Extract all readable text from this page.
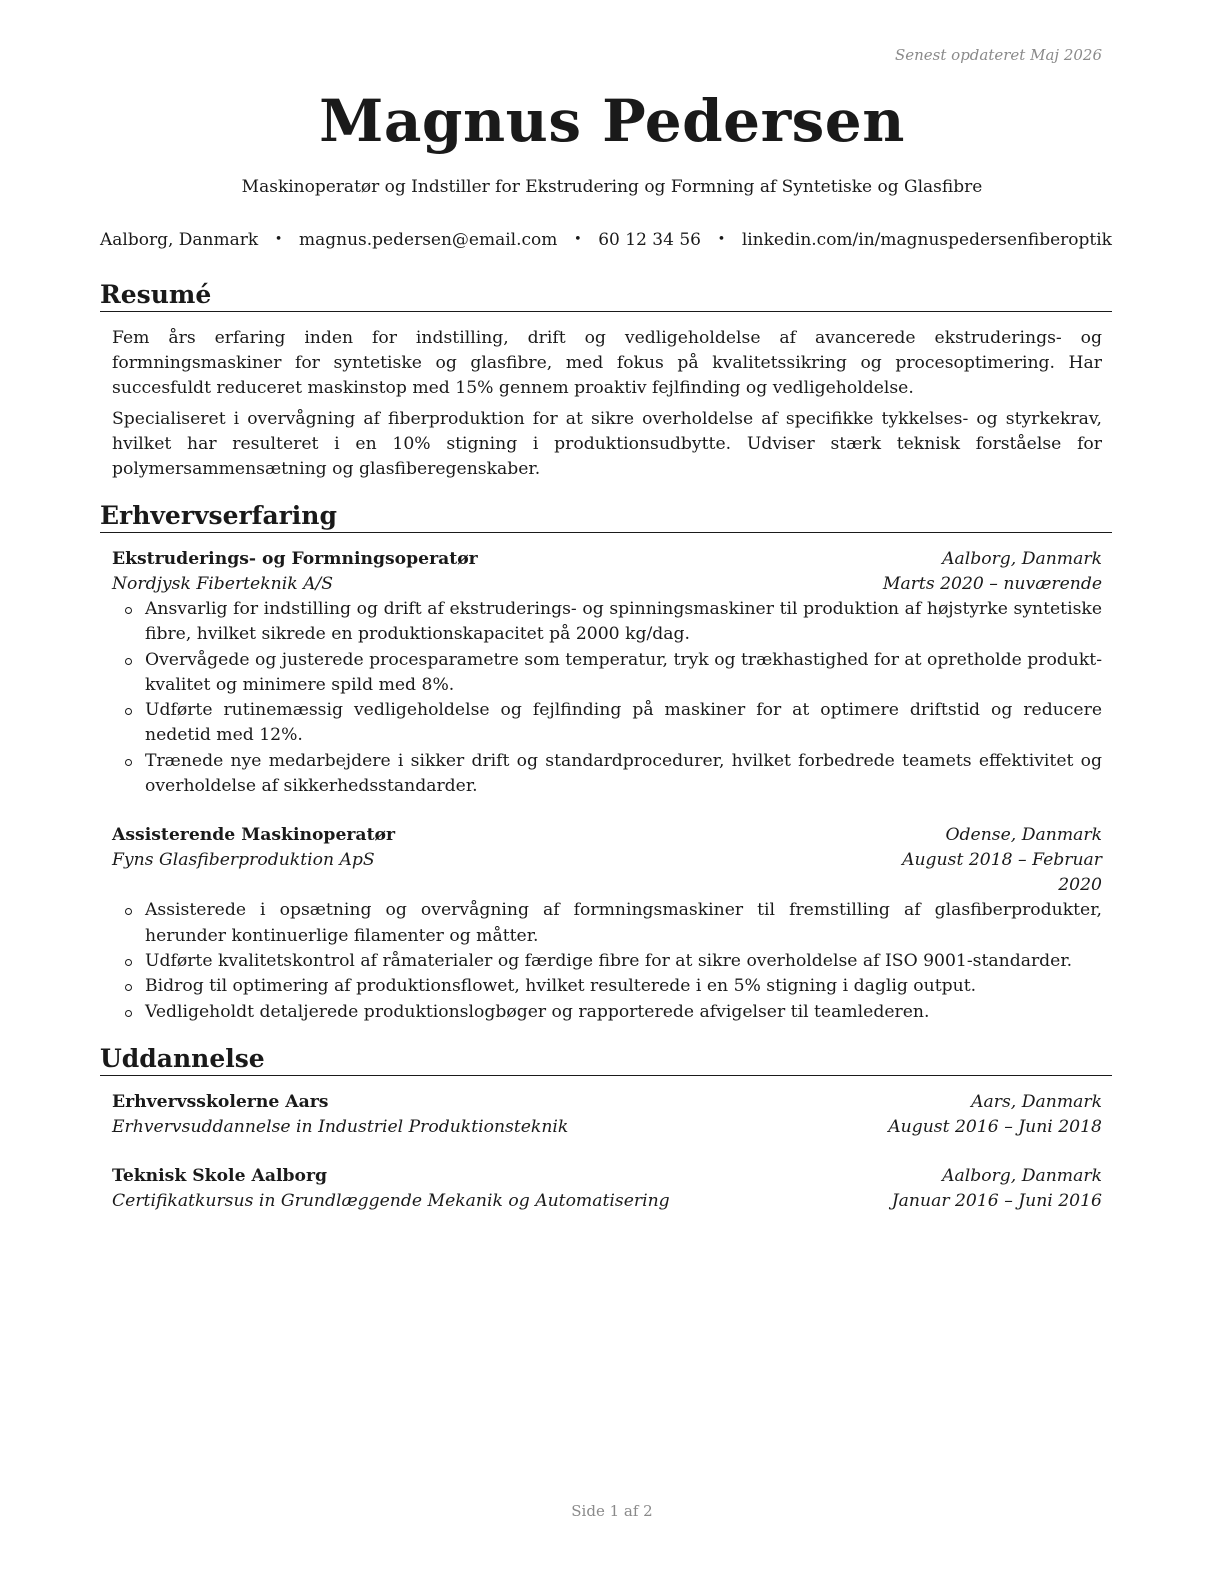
Senest opdateret Maj 2026
Magnus Pedersen
Maskinoperatør og Indstiller for Ekstrudering og Formning af Syntetiske og Glasfibre
Aalborg, Danmark • magnus.pedersen@email.com • 60 12 34 56 • linkedin.com/in/magnuspedersenfiberoptik
Resumé

Fem års erfaring inden for indstilling, drift og vedligeholdelse af avancerede ekstruderings- og formningsmaskiner for syntetiske og glasfibre, med fokus på kvalitetssikring og procesoptimering. Har succesfuldt reduceret maskinstop med 15% gennem proaktiv fejlfinding og vedligeholdelse.

Specialiseret i overvågning af fiberproduktion for at sikre overholdelse af specifikke tykkelses- og styrkekrav, hvilket har resulteret i en 10% stigning i produktionsudbytte. Udviser stærk teknisk forståelse for polymersammensætning og glasfiberegenskaber.

Erhvervserfaring
Ekstruderings- og Formningsoperatør	Aalborg, Danmark
Nordjysk Fiberteknik A/S	Marts 2020 – nuværende
Ansvarlig for indstilling og drift af ekstruderings- og spinningsmaskiner til produktion af højstyrke syntetiske fibre, hvilket sikrede en produktionskapacitet på 2000 kg/dag.
Overvågede og justerede procesparametre som temperatur, tryk og trækhastighed for at opretholde produkt-kvalitet og minimere spild med 8%.
Udførte rutinemæssig vedligeholdelse og fejlfinding på maskiner for at optimere driftstid og reducere nedetid med 12%.
Trænede nye medarbejdere i sikker drift og standardprocedurer, hvilket forbedrede teamets effektivitet og overholdelse af sikkerhedsstandarder.
Assisterende Maskinoperatør	Odense, Danmark
Fyns Glasfiberproduktion ApS	August 2018 – Februar 2020
Assisterede i opsætning og overvågning af formningsmaskiner til fremstilling af glasfiberprodukter, herunder kontinuerlige filamenter og måtter.
Udførte kvalitetskontrol af råmaterialer og færdige fibre for at sikre overholdelse af ISO 9001-standarder.
Bidrog til optimering af produktionsflowet, hvilket resulterede i en 5% stigning i daglig output.
Vedligeholdt detaljerede produktionslogbøger og rapporterede afvigelser til teamlederen.
Uddannelse
Erhvervsskolerne Aars	Aars, Danmark
Erhvervsuddannelse in Industriel Produktionsteknik	August 2016 – Juni 2018
Teknisk Skole Aalborg	Aalborg, Danmark
Certifikatkursus in Grundlæggende Mekanik og Automatisering	Januar 2016 – Juni 2016
Side 1 af 2
